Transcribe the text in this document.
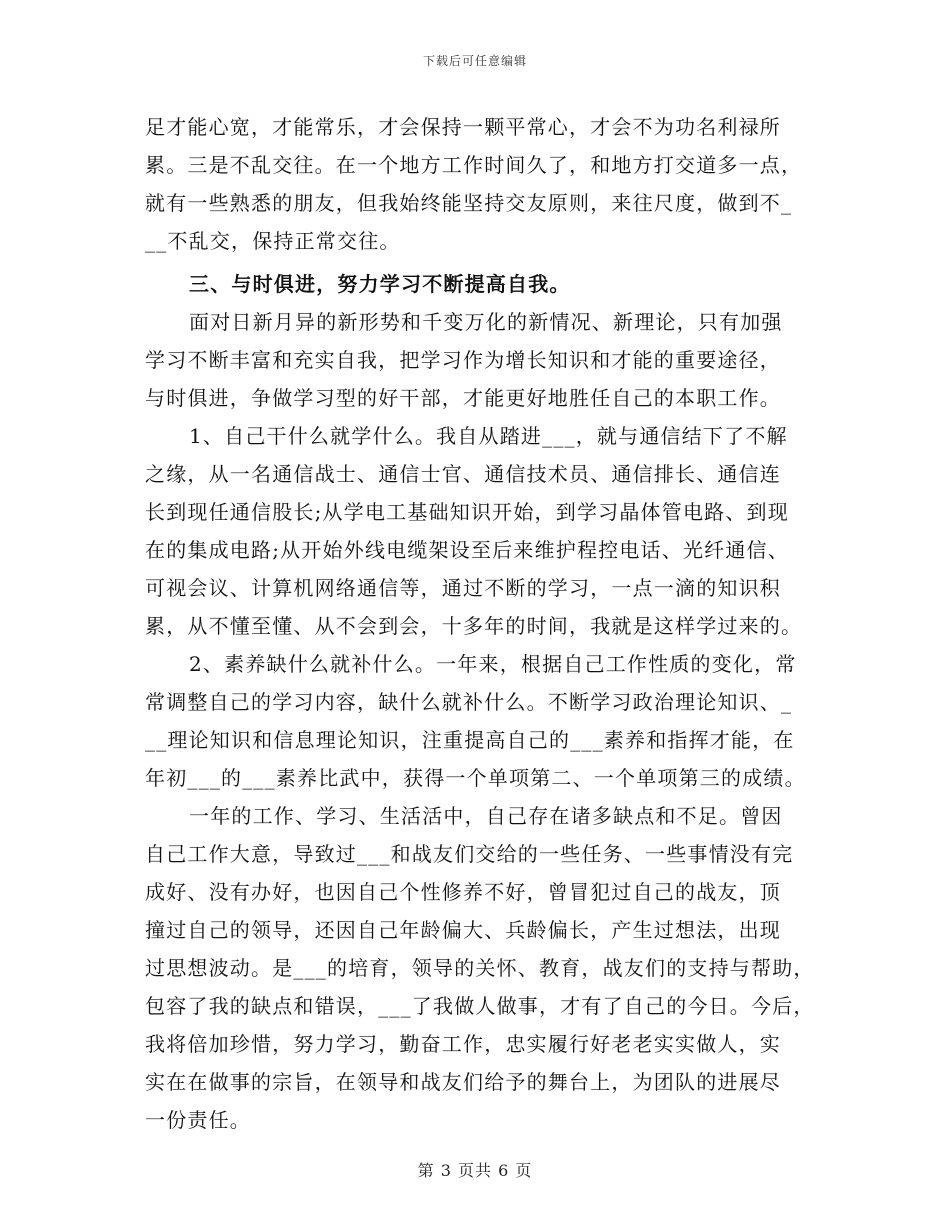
下载后可任意编辑
足才能心宽，才能常乐，才会保持一颗平常心，才会不为功名利禄所
累。三是不乱交往。在一个地方工作时间久了，和地方打交道多一点，
就有一些熟悉的朋友，但我始终能坚持交友原则，来往尺度，做到不_
__不乱交，保持正常交往。
三、与时俱进，努力学习不断提高自我。
面对日新月异的新形势和千变万化的新情况、新理论，只有加强
学习不断丰富和充实自我，把学习作为增长知识和才能的重要途径，
与时俱进，争做学习型的好干部，才能更好地胜任自己的本职工作。
1、自己干什么就学什么。我自从踏进___，就与通信结下了不解
之缘，从一名通信战士、通信士官、通信技术员、通信排长、通信连
长到现任通信股长;从学电工基础知识开始，到学习晶体管电路、到现
在的集成电路;从开始外线电缆架设至后来维护程控电话、光纤通信、
可视会议、计算机网络通信等，通过不断的学习，一点一滴的知识积
累，从不懂至懂、从不会到会，十多年的时间，我就是这样学过来的。
2、素养缺什么就补什么。一年来，根据自己工作性质的变化，常
常调整自己的学习内容，缺什么就补什么。不断学习政治理论知识、_
__理论知识和信息理论知识，注重提高自己的___素养和指挥才能，在
年初___的___素养比武中，获得一个单项第二、一个单项第三的成绩。
一年的工作、学习、生活活中，自己存在诸多缺点和不足。曾因
自己工作大意，导致过___和战友们交给的一些任务、一些事情没有完
成好、没有办好，也因自己个性修养不好，曾冒犯过自己的战友，顶
撞过自己的领导，还因自己年龄偏大、兵龄偏长，产生过想法，出现
过思想波动。是___的培育，领导的关怀、教育，战友们的支持与帮助，
包容了我的缺点和错误，___了我做人做事，才有了自己的今日。今后，
我将倍加珍惜，努力学习，勤奋工作，忠实履行好老老实实做人，实
实在在做事的宗旨，在领导和战友们给予的舞台上，为团队的进展尽
一份责任。
第 3 页共 6 页
